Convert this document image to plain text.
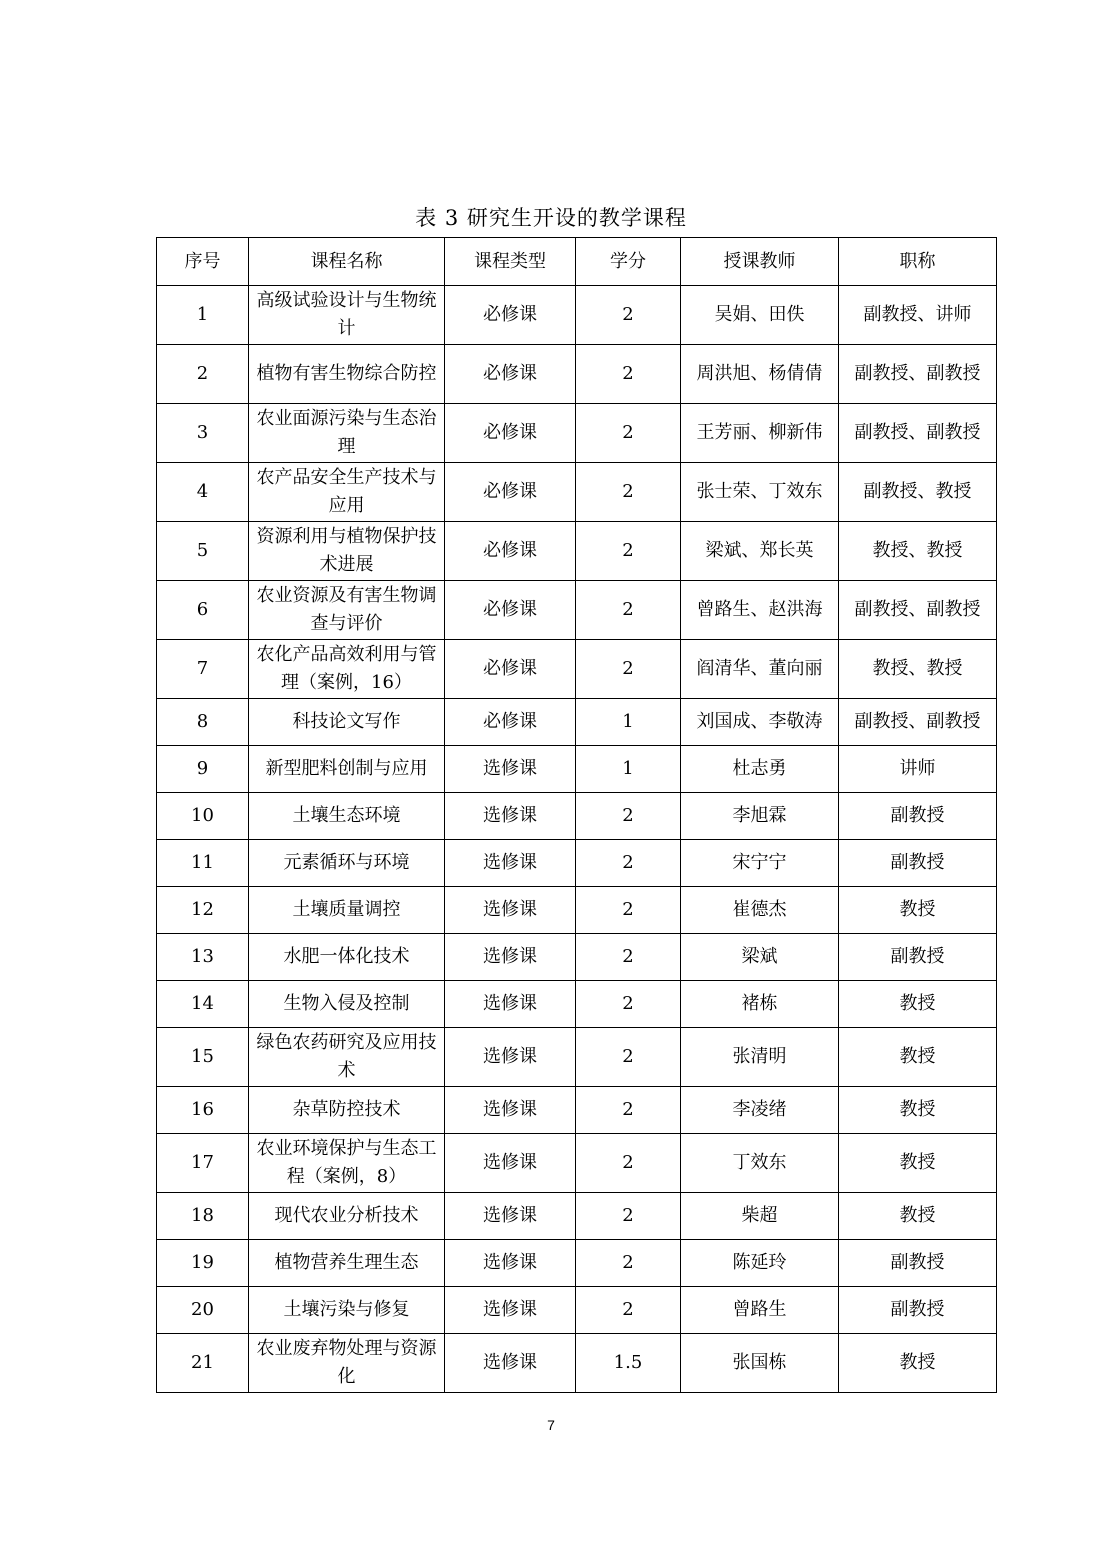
表 3 研究生开设的教学课程
序号	课程名称	课程类型	学分	授课教师	职称
1	高级试验设计与生物统计	必修课	2	吴娟、田佚	副教授、讲师
2	植物有害生物综合防控	必修课	2	周洪旭、杨倩倩	副教授、副教授
3	农业面源污染与生态治理	必修课	2	王芳丽、柳新伟	副教授、副教授
4	农产品安全生产技术与应用	必修课	2	张士荣、丁效东	副教授、教授
5	资源利用与植物保护技术进展	必修课	2	梁斌、郑长英	教授、教授
6	农业资源及有害生物调查与评价	必修课	2	曾路生、赵洪海	副教授、副教授
7	农化产品高效利用与管理（案例，16）	必修课	2	阎清华、董向丽	教授、教授
8	科技论文写作	必修课	1	刘国成、李敬涛	副教授、副教授
9	新型肥料创制与应用	选修课	1	杜志勇	讲师
10	土壤生态环境	选修课	2	李旭霖	副教授
11	元素循环与环境	选修课	2	宋宁宁	副教授
12	土壤质量调控	选修课	2	崔德杰	教授
13	水肥一体化技术	选修课	2	梁斌	副教授
14	生物入侵及控制	选修课	2	褚栋	教授
15	绿色农药研究及应用技术	选修课	2	张清明	教授
16	杂草防控技术	选修课	2	李凌绪	教授
17	农业环境保护与生态工程（案例，8）	选修课	2	丁效东	教授
18	现代农业分析技术	选修课	2	柴超	教授
19	植物营养生理生态	选修课	2	陈延玲	副教授
20	土壤污染与修复	选修课	2	曾路生	副教授
21	农业废弃物处理与资源化	选修课	1.5	张国栋	教授
7
